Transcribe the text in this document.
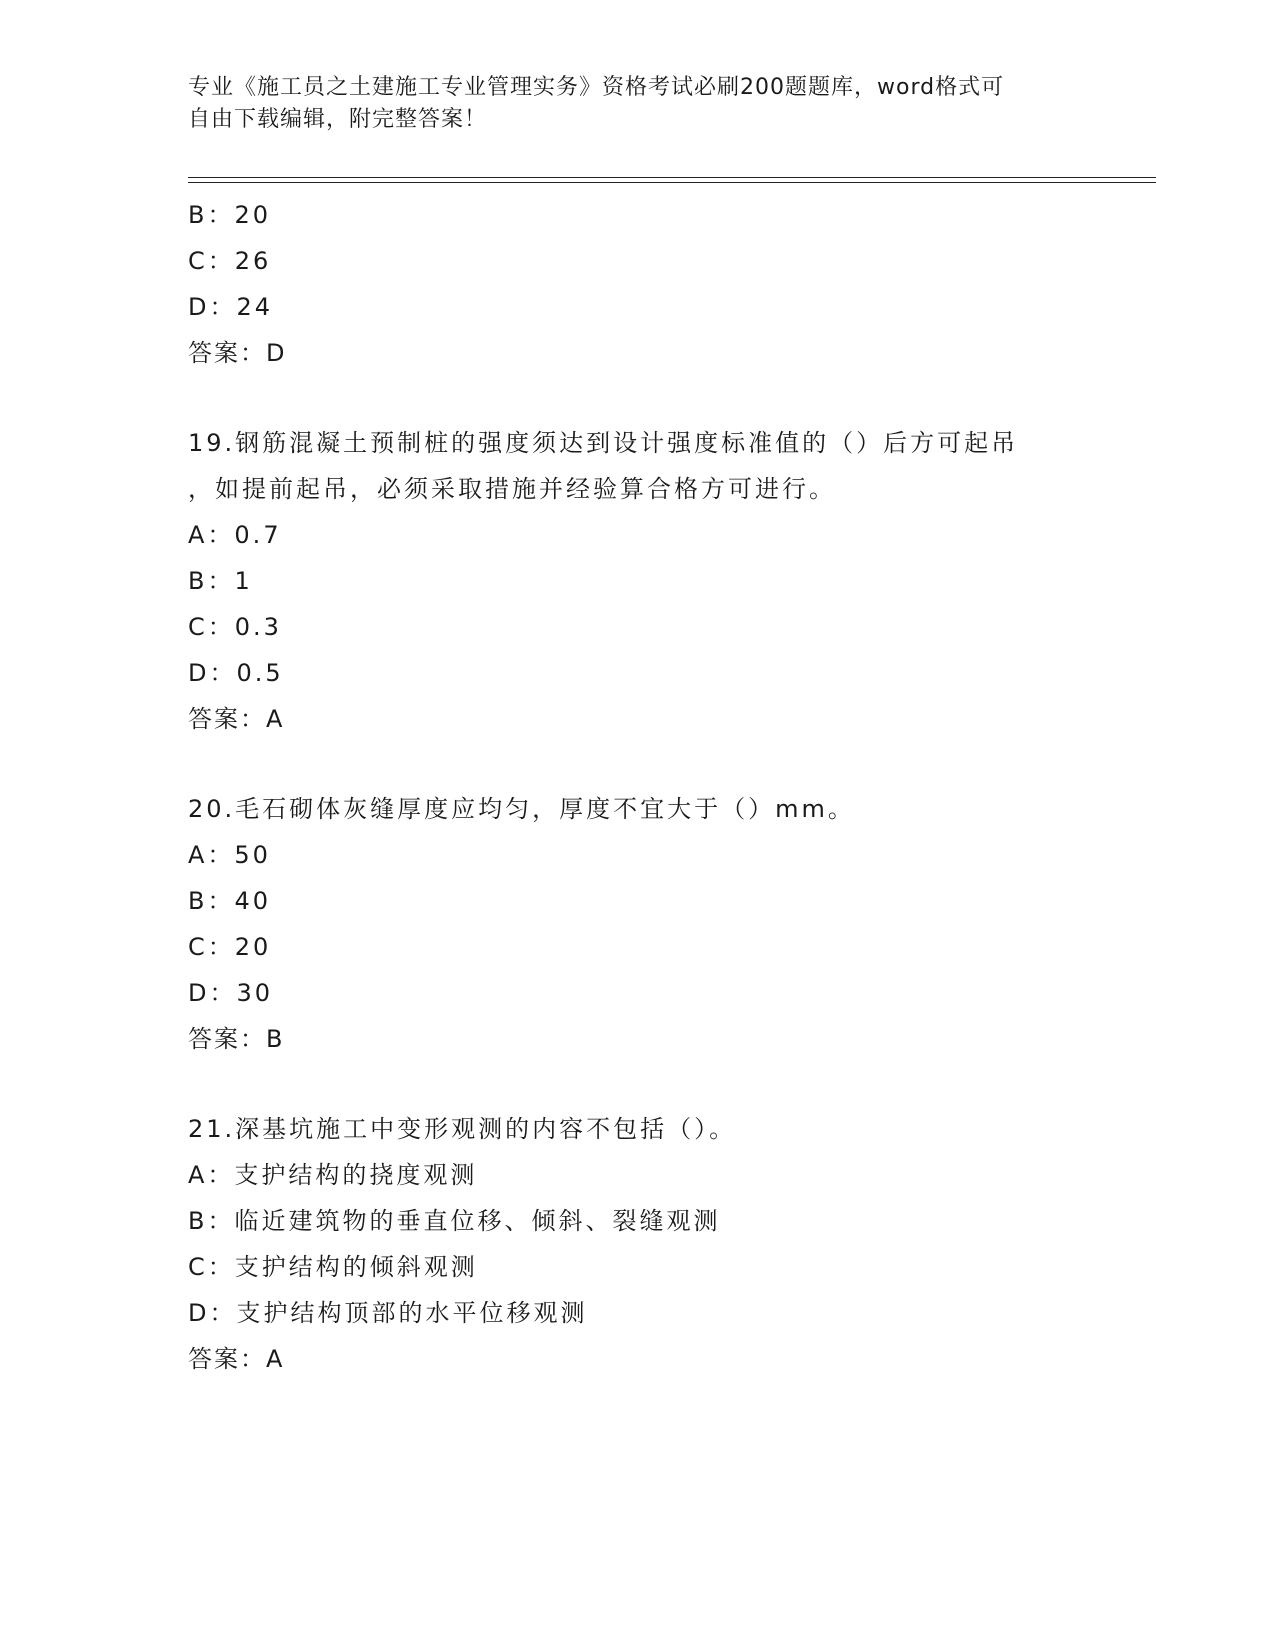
专业《施工员之土建施工专业管理实务》资格考试必刷200题题库，word格式可
自由下载编辑，附完整答案！
B：20
C：26
D：24
答案：D
19.钢筋混凝土预制桩的强度须达到设计强度标准值的（）后方可起吊
，如提前起吊，必须采取措施并经验算合格方可进行。
A：0.7
B：1
C：0.3
D：0.5
答案：A
20.毛石砌体灰缝厚度应均匀，厚度不宜大于（）mm。
A：50
B：40
C：20
D：30
答案：B
21.深基坑施工中变形观测的内容不包括（）。
A：支护结构的挠度观测
B：临近建筑物的垂直位移、倾斜、裂缝观测
C：支护结构的倾斜观测
D：支护结构顶部的水平位移观测
答案：A
